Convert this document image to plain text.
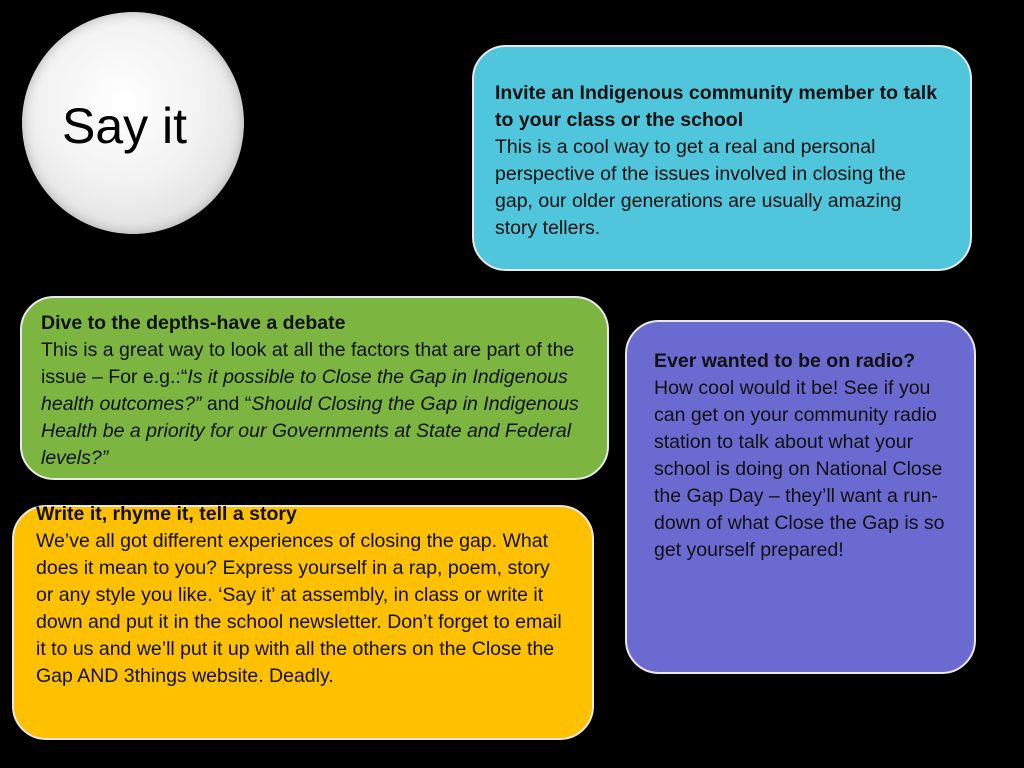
Say it
Invite an Indigenous community member to talk to your class or the school
This is a cool way to get a real and personal perspective of the issues involved in closing the gap, our older generations are usually amazing story tellers.
Dive to the depths-have a debate
This is a great way to look at all the factors that are part of the issue – For e.g.:“Is it possible to Close the Gap in Indigenous health outcomes?” and “Should Closing the Gap in Indigenous Health be a priority for our Governments at State and Federal levels?”
Ever wanted to be on radio?
How cool would it be! See if you can get on your community radio station to talk about what your school is doing on National Close the Gap Day – they’ll want a run-down of what Close the Gap is so get yourself prepared!
Write it, rhyme it, tell a story
We’ve all got different experiences of closing the gap. What does it mean to you? Express yourself in a rap, poem, story or any style you like. ‘Say it’ at assembly, in class or write it down and put it in the school newsletter. Don’t forget to email it to us and we’ll put it up with all the others on the Close the Gap AND 3things website. Deadly.
